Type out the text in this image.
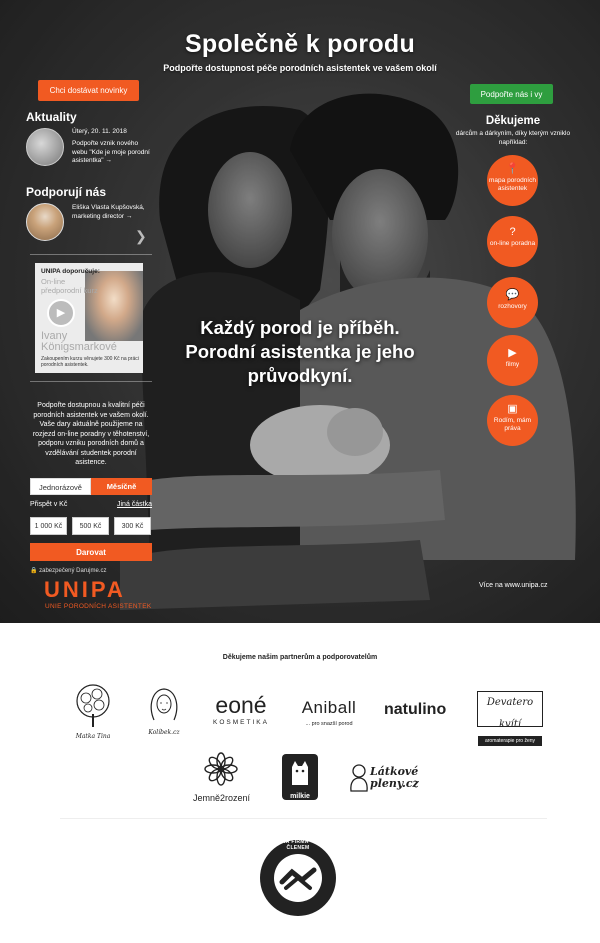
Společně k porodu
Podpořte dostupnost péče porodních asistentek ve vašem okolí
Chci dostávat novinky	Podpořte nás i vy
Aktuality
Úterý, 20. 11. 2018
Podpořte vznik nového webu "Kde je moje porodní asistentka" →
Podporují nás
Eliška Vlasta Kupšovská, marketing director →
❯
UNIPA doporučuje:
On-line předporodní kurz
▶
Ivany Königsmarkové
Zakoupením kurzu věnujete 300 Kč na práci porodních asistentek.
Podpořte dostupnou a kvalitní péči porodních asistentek ve vašem okolí. Vaše dary aktuálně použijeme na rozjezd on-line poradny v těhotenství, podporu vzniku porodních domů a vzdělávání studentek porodní asistence.
Jednorázově	Měsíčně
Přispět v Kč	Jiná částka
1 000 Kč	500 Kč	300 Kč
Darovat
🔒 zabezpečený Darujme.cz
UNIPA
UNIE PORODNÍCH ASISTENTEK
Každý porod je příběh. Porodní asistentka je jeho průvodkyní.
Děkujeme
dárcům a dárkyním, díky kterým vzniklo například:
📍
mapa porodních asistentek
?
on-line poradna
💬
rozhovory
▶
filmy
▣
Rodím, mám práva
Více na www.unipa.cz
Děkujeme našim partnerům a podporovatelům
Matka Tina
Kolíbek.cz
eoné
KOSMETIKA
Aniball
... pro snazší porod
natulino	Devatero kvítí
aromaterapie pro ženy
Jemně2rození	milkie
Látkové pleny.cz
SLUŠNÁ FIRMA · JSME ČLENEM
